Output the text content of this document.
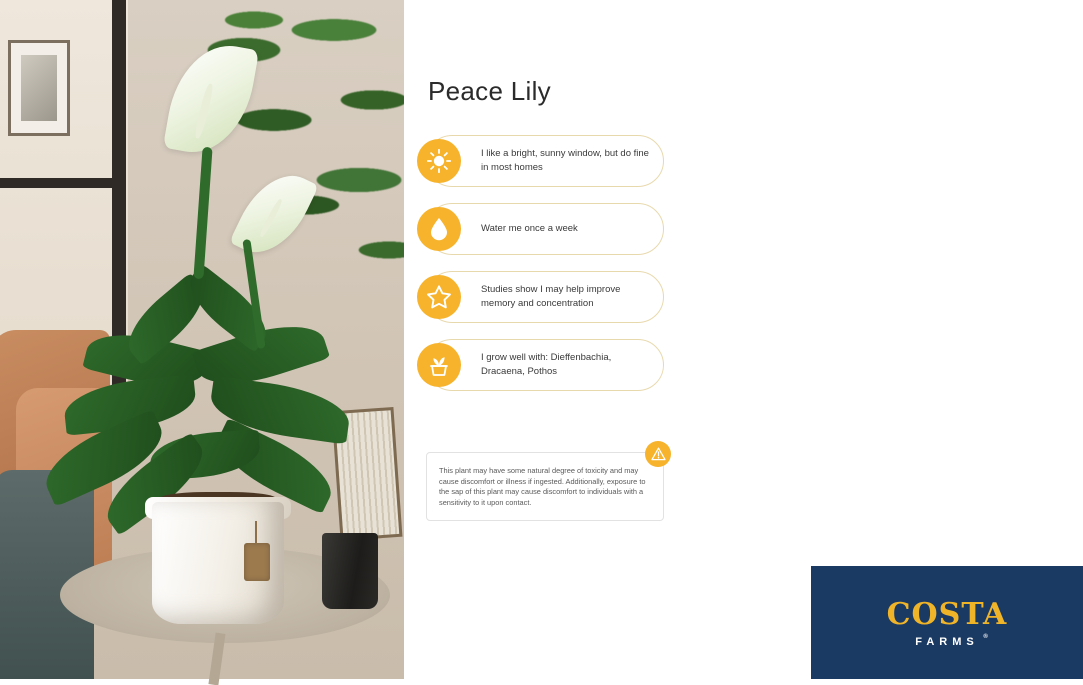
Peace Lily
I like a bright, sunny window, but do fine in most homes
Water me once a week
Studies show I may help improve memory and concentration
I grow well with: Dieffenbachia, Dracaena, Pothos
This plant may have some natural degree of toxicity and may cause discomfort or illness if ingested. Additionally, exposure to the sap of this plant may cause discomfort to individuals with a sensitivity to it upon contact.
COSTA
FARMS ®
